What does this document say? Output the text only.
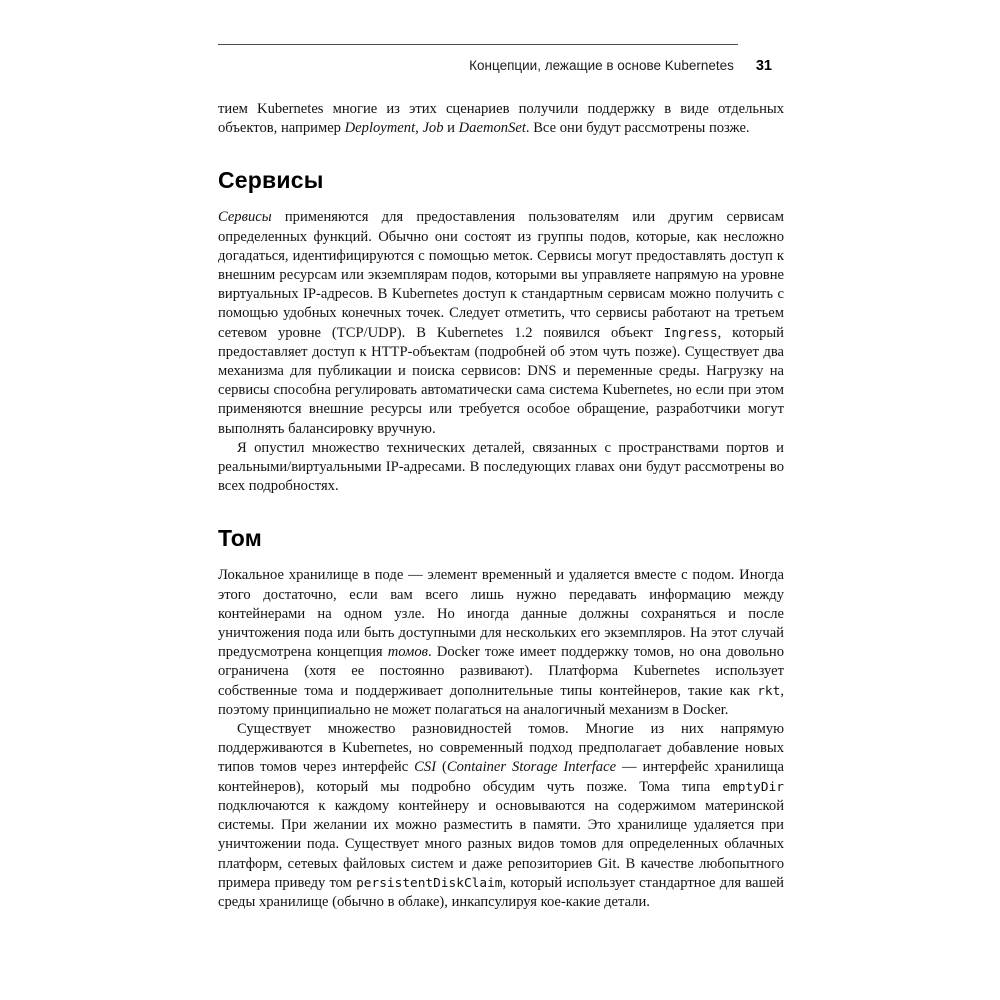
Концепции, лежащие в основе Kubernetes 31

тием Kubernetes многие из этих сценариев получили поддержку в виде отдельных объектов, например Deployment, Job и DaemonSet. Все они будут рассмотрены позже.

Сервисы

Сервисы применяются для предоставления пользователям или другим сервисам определенных функций. Обычно они состоят из группы подов, которые, как несложно догадаться, идентифицируются с помощью меток. Сервисы могут предоставлять доступ к внешним ресурсам или экземплярам подов, которыми вы управляете напрямую на уровне виртуальных IP-адресов. В Kubernetes доступ к стандартным сервисам можно получить с помощью удобных конечных точек. Следует отметить, что сервисы работают на третьем сетевом уровне (TCP/UDP). В Kubernetes 1.2 появился объект Ingress, который предоставляет доступ к HTTP-объектам (подробней об этом чуть позже). Существует два механизма для публикации и поиска сервисов: DNS и переменные среды. Нагрузку на сервисы способна регулировать автоматически сама система Kubernetes, но если при этом применяются внешние ресурсы или требуется особое обращение, разработчики могут выполнять балансировку вручную.

Я опустил множество технических деталей, связанных с пространствами портов и реальными/виртуальными IP-адресами. В последующих главах они будут рассмотрены во всех подробностях.

Том

Локальное хранилище в поде — элемент временный и удаляется вместе с подом. Иногда этого достаточно, если вам всего лишь нужно передавать информацию между контейнерами на одном узле. Но иногда данные должны сохраняться и после уничтожения пода или быть доступными для нескольких его экземпляров. На этот случай предусмотрена концепция томов. Docker тоже имеет поддержку томов, но она довольно ограничена (хотя ее постоянно развивают). Платформа Kubernetes использует собственные тома и поддерживает дополнительные типы контейнеров, такие как rkt, поэтому принципиально не может полагаться на аналогичный механизм в Docker.

Существует множество разновидностей томов. Многие из них напрямую поддерживаются в Kubernetes, но современный подход предполагает добавление новых типов томов через интерфейс CSI (Container Storage Interface — интерфейс хранилища контейнеров), который мы подробно обсудим чуть позже. Тома типа emptyDir подключаются к каждому контейнеру и основываются на содержимом материнской системы. При желании их можно разместить в памяти. Это хранилище удаляется при уничтожении пода. Существует много разных видов томов для определенных облачных платформ, сетевых файловых систем и даже репозиториев Git. В качестве любопытного примера приведу том persistentDiskClaim, который использует стандартное для вашей среды хранилище (обычно в облаке), инкапсулируя кое-какие детали.
